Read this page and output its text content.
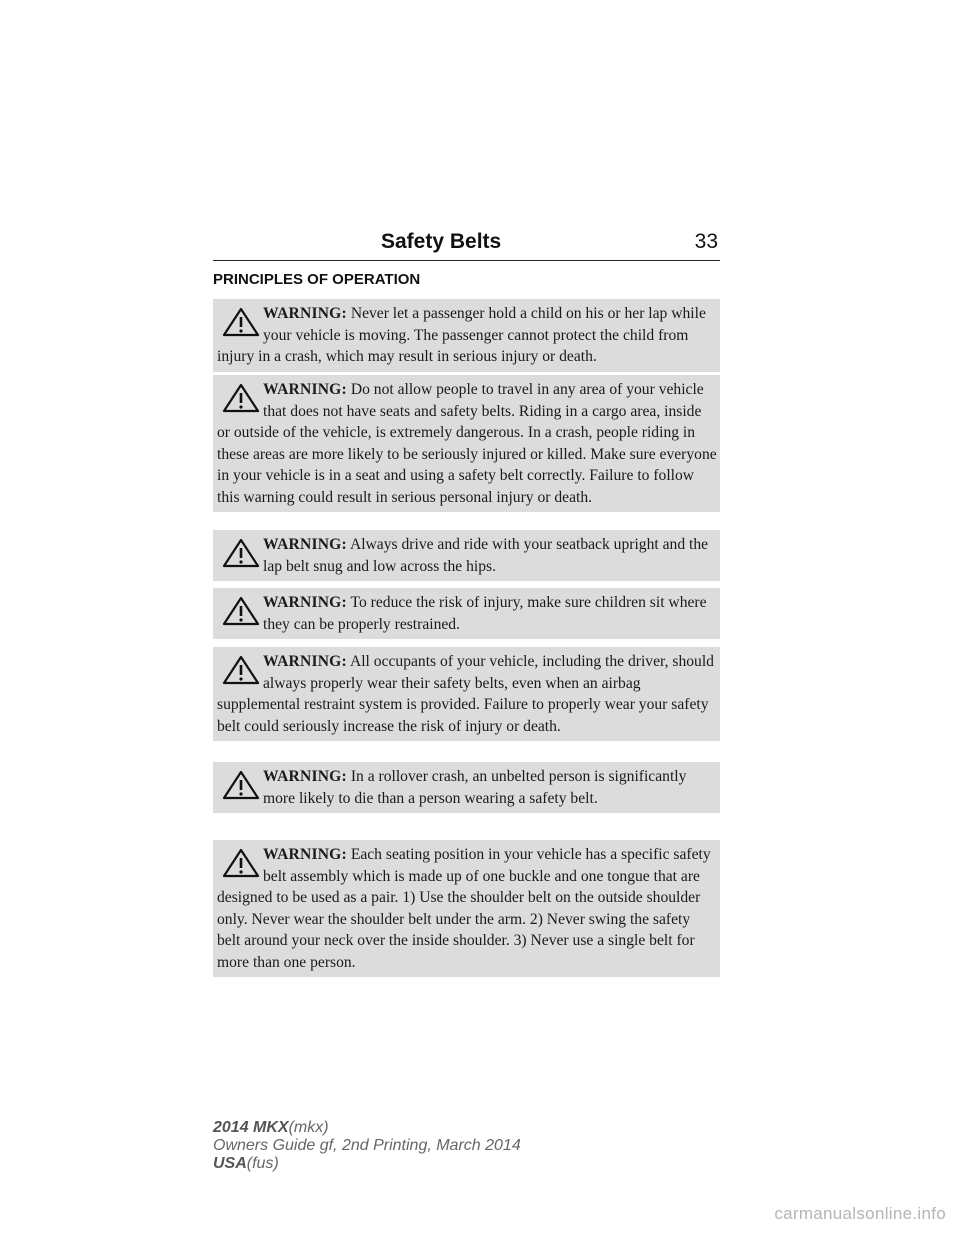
Safety Belts	33
PRINCIPLES OF OPERATION
WARNING: Never let a passenger hold a child on his or her lap while your vehicle is moving. The passenger cannot protect the child from injury in a crash, which may result in serious injury or death.
WARNING: Do not allow people to travel in any area of your vehicle that does not have seats and safety belts. Riding in a cargo area, inside or outside of the vehicle, is extremely dangerous. In a crash, people riding in these areas are more likely to be seriously injured or killed. Make sure everyone in your vehicle is in a seat and using a safety belt correctly. Failure to follow this warning could result in serious personal injury or death.
WARNING: Always drive and ride with your seatback upright and the lap belt snug and low across the hips.
WARNING: To reduce the risk of injury, make sure children sit where they can be properly restrained.
WARNING: All occupants of your vehicle, including the driver, should always properly wear their safety belts, even when an airbag supplemental restraint system is provided. Failure to properly wear your safety belt could seriously increase the risk of injury or death.
WARNING: In a rollover crash, an unbelted person is significantly more likely to die than a person wearing a safety belt.
WARNING: Each seating position in your vehicle has a specific safety belt assembly which is made up of one buckle and one tongue that are designed to be used as a pair. 1) Use the shoulder belt on the outside shoulder only. Never wear the shoulder belt under the arm. 2) Never swing the safety belt around your neck over the inside shoulder. 3) Never use a single belt for more than one person.
2014 MKX(mkx)
Owners Guide gf, 2nd Printing, March 2014
USA(fus)
carmanualsonline.info
